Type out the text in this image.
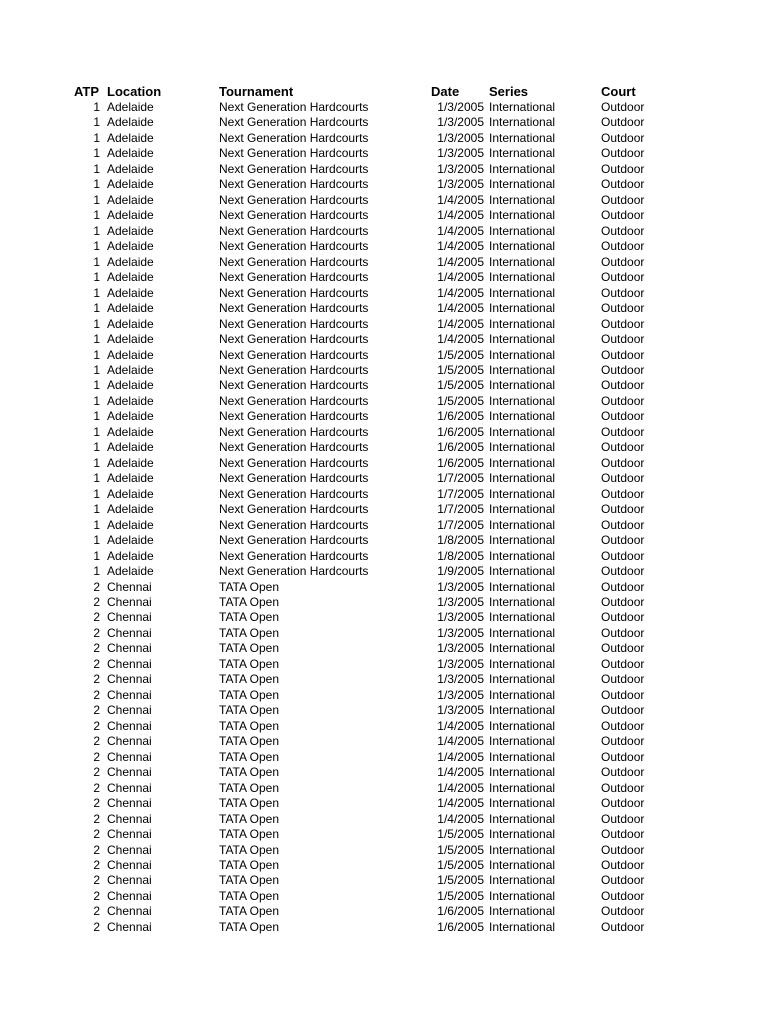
ATP Location	Tournament	Date Series	Court
1 Adelaide	Next Generation Hardcourts	1/3/2005 International	Outdoor
1 Adelaide	Next Generation Hardcourts	1/3/2005 International	Outdoor
1 Adelaide	Next Generation Hardcourts	1/3/2005 International	Outdoor
1 Adelaide	Next Generation Hardcourts	1/3/2005 International	Outdoor
1 Adelaide	Next Generation Hardcourts	1/3/2005 International	Outdoor
1 Adelaide	Next Generation Hardcourts	1/3/2005 International	Outdoor
1 Adelaide	Next Generation Hardcourts	1/4/2005 International	Outdoor
1 Adelaide	Next Generation Hardcourts	1/4/2005 International	Outdoor
1 Adelaide	Next Generation Hardcourts	1/4/2005 International	Outdoor
1 Adelaide	Next Generation Hardcourts	1/4/2005 International	Outdoor
1 Adelaide	Next Generation Hardcourts	1/4/2005 International	Outdoor
1 Adelaide	Next Generation Hardcourts	1/4/2005 International	Outdoor
1 Adelaide	Next Generation Hardcourts	1/4/2005 International	Outdoor
1 Adelaide	Next Generation Hardcourts	1/4/2005 International	Outdoor
1 Adelaide	Next Generation Hardcourts	1/4/2005 International	Outdoor
1 Adelaide	Next Generation Hardcourts	1/4/2005 International	Outdoor
1 Adelaide	Next Generation Hardcourts	1/5/2005 International	Outdoor
1 Adelaide	Next Generation Hardcourts	1/5/2005 International	Outdoor
1 Adelaide	Next Generation Hardcourts	1/5/2005 International	Outdoor
1 Adelaide	Next Generation Hardcourts	1/5/2005 International	Outdoor
1 Adelaide	Next Generation Hardcourts	1/6/2005 International	Outdoor
1 Adelaide	Next Generation Hardcourts	1/6/2005 International	Outdoor
1 Adelaide	Next Generation Hardcourts	1/6/2005 International	Outdoor
1 Adelaide	Next Generation Hardcourts	1/6/2005 International	Outdoor
1 Adelaide	Next Generation Hardcourts	1/7/2005 International	Outdoor
1 Adelaide	Next Generation Hardcourts	1/7/2005 International	Outdoor
1 Adelaide	Next Generation Hardcourts	1/7/2005 International	Outdoor
1 Adelaide	Next Generation Hardcourts	1/7/2005 International	Outdoor
1 Adelaide	Next Generation Hardcourts	1/8/2005 International	Outdoor
1 Adelaide	Next Generation Hardcourts	1/8/2005 International	Outdoor
1 Adelaide	Next Generation Hardcourts	1/9/2005 International	Outdoor
2 Chennai	TATA Open	1/3/2005 International	Outdoor
2 Chennai	TATA Open	1/3/2005 International	Outdoor
2 Chennai	TATA Open	1/3/2005 International	Outdoor
2 Chennai	TATA Open	1/3/2005 International	Outdoor
2 Chennai	TATA Open	1/3/2005 International	Outdoor
2 Chennai	TATA Open	1/3/2005 International	Outdoor
2 Chennai	TATA Open	1/3/2005 International	Outdoor
2 Chennai	TATA Open	1/3/2005 International	Outdoor
2 Chennai	TATA Open	1/3/2005 International	Outdoor
2 Chennai	TATA Open	1/4/2005 International	Outdoor
2 Chennai	TATA Open	1/4/2005 International	Outdoor
2 Chennai	TATA Open	1/4/2005 International	Outdoor
2 Chennai	TATA Open	1/4/2005 International	Outdoor
2 Chennai	TATA Open	1/4/2005 International	Outdoor
2 Chennai	TATA Open	1/4/2005 International	Outdoor
2 Chennai	TATA Open	1/4/2005 International	Outdoor
2 Chennai	TATA Open	1/5/2005 International	Outdoor
2 Chennai	TATA Open	1/5/2005 International	Outdoor
2 Chennai	TATA Open	1/5/2005 International	Outdoor
2 Chennai	TATA Open	1/5/2005 International	Outdoor
2 Chennai	TATA Open	1/5/2005 International	Outdoor
2 Chennai	TATA Open	1/6/2005 International	Outdoor
2 Chennai	TATA Open	1/6/2005 International	Outdoor
